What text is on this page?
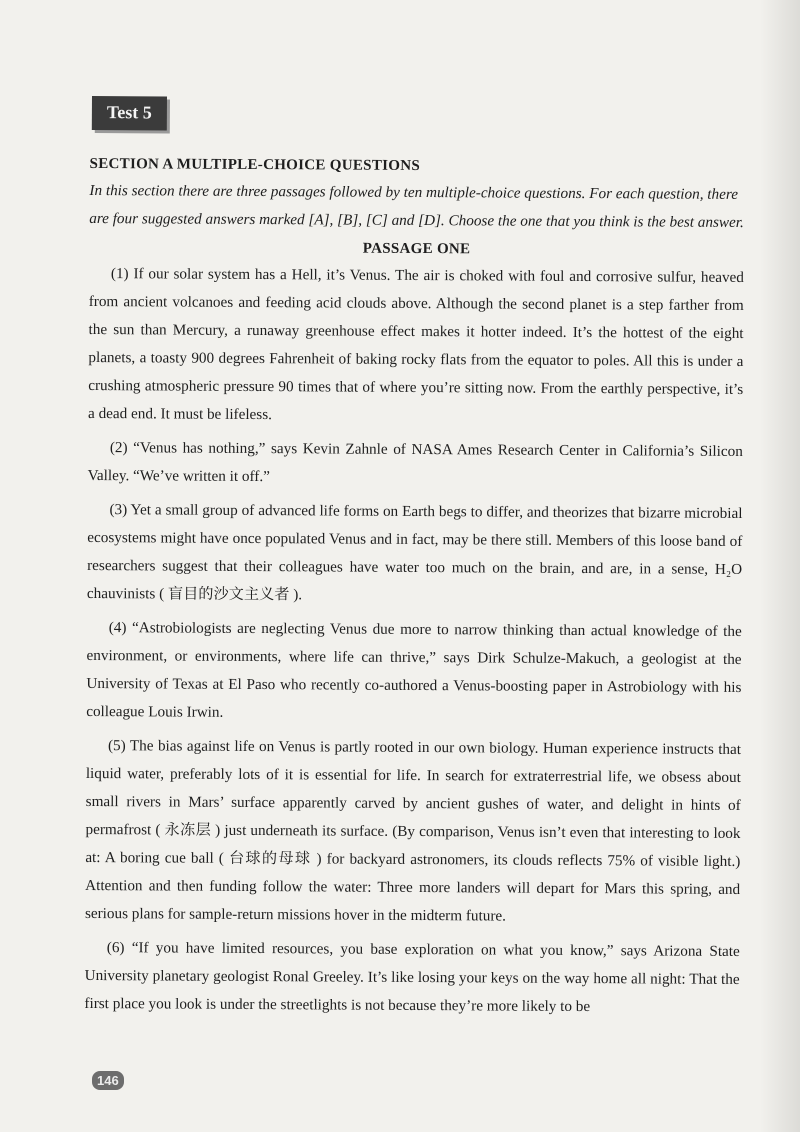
Test 5
SECTION A MULTIPLE-CHOICE QUESTIONS
In this section there are three passages followed by ten multiple-choice questions. For each question, there are four suggested answers marked [A], [B], [C] and [D]. Choose the one that you think is the best answer.
PASSAGE ONE

(1) If our solar system has a Hell, it’s Venus. The air is choked with foul and corrosive sulfur, heaved from ancient volcanoes and feeding acid clouds above. Although the second planet is a step farther from the sun than Mercury, a runaway greenhouse effect makes it hotter indeed. It’s the hottest of the eight planets, a toasty 900 degrees Fahrenheit of baking rocky flats from the equator to poles. All this is under a crushing atmospheric pressure 90 times that of where you’re sitting now. From the earthly perspective, it’s a dead end. It must be lifeless.

(2) “Venus has nothing,” says Kevin Zahnle of NASA Ames Research Center in California’s Silicon Valley. “We’ve written it off.”

(3) Yet a small group of advanced life forms on Earth begs to differ, and theorizes that bizarre microbial ecosystems might have once populated Venus and in fact, may be there still. Members of this loose band of researchers suggest that their colleagues have water too much on the brain, and are, in a sense, H₂O chauvinists ( 盲目的沙文主义者 ).

(4) “Astrobiologists are neglecting Venus due more to narrow thinking than actual knowledge of the environment, or environments, where life can thrive,” says Dirk Schulze-Makuch, a geologist at the University of Texas at El Paso who recently co-authored a Venus-boosting paper in Astrobiology with his colleague Louis Irwin.

(5) The bias against life on Venus is partly rooted in our own biology. Human experience instructs that liquid water, preferably lots of it is essential for life. In search for extraterrestrial life, we obsess about small rivers in Mars’ surface apparently carved by ancient gushes of water, and delight in hints of permafrost ( 永冻层 ) just underneath its surface. (By comparison, Venus isn’t even that interesting to look at: A boring cue ball ( 台球的母球 ) for backyard astronomers, its clouds reflects 75% of visible light.) Attention and then funding follow the water: Three more landers will depart for Mars this spring, and serious plans for sample-return missions hover in the midterm future.

(6) “If you have limited resources, you base exploration on what you know,” says Arizona State University planetary geologist Ronal Greeley. It’s like losing your keys on the way home all night: That the first place you look is under the streetlights is not because they’re more likely to be

146
